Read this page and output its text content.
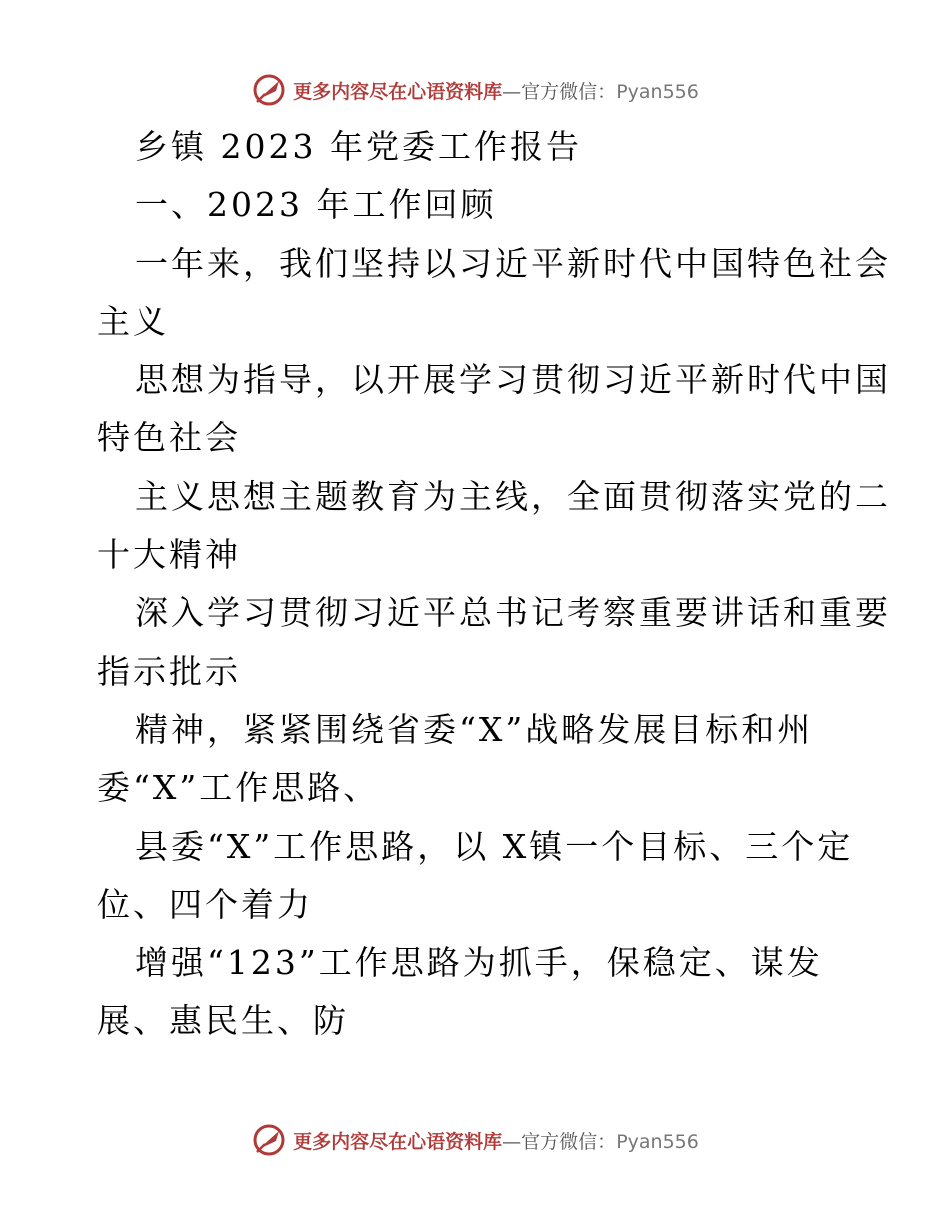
更多内容尽在心语资料库—官方微信：Pyan556
乡镇 2023 年党委工作报告
一、2023 年工作回顾
一年来，我们坚持以习近平新时代中国特色社会
主义
思想为指导，以开展学习贯彻习近平新时代中国
特色社会
主义思想主题教育为主线，全面贯彻落实党的二
十大精神
深入学习贯彻习近平总书记考察重要讲话和重要
指示批示
精神，紧紧围绕省委“X”战略发展目标和州
委“X”工作思路、
县委“X”工作思路，以 X镇一个目标、三个定
位、四个着力
增强“123”工作思路为抓手，保稳定、谋发
展、惠民生、防
更多内容尽在心语资料库—官方微信：Pyan556
